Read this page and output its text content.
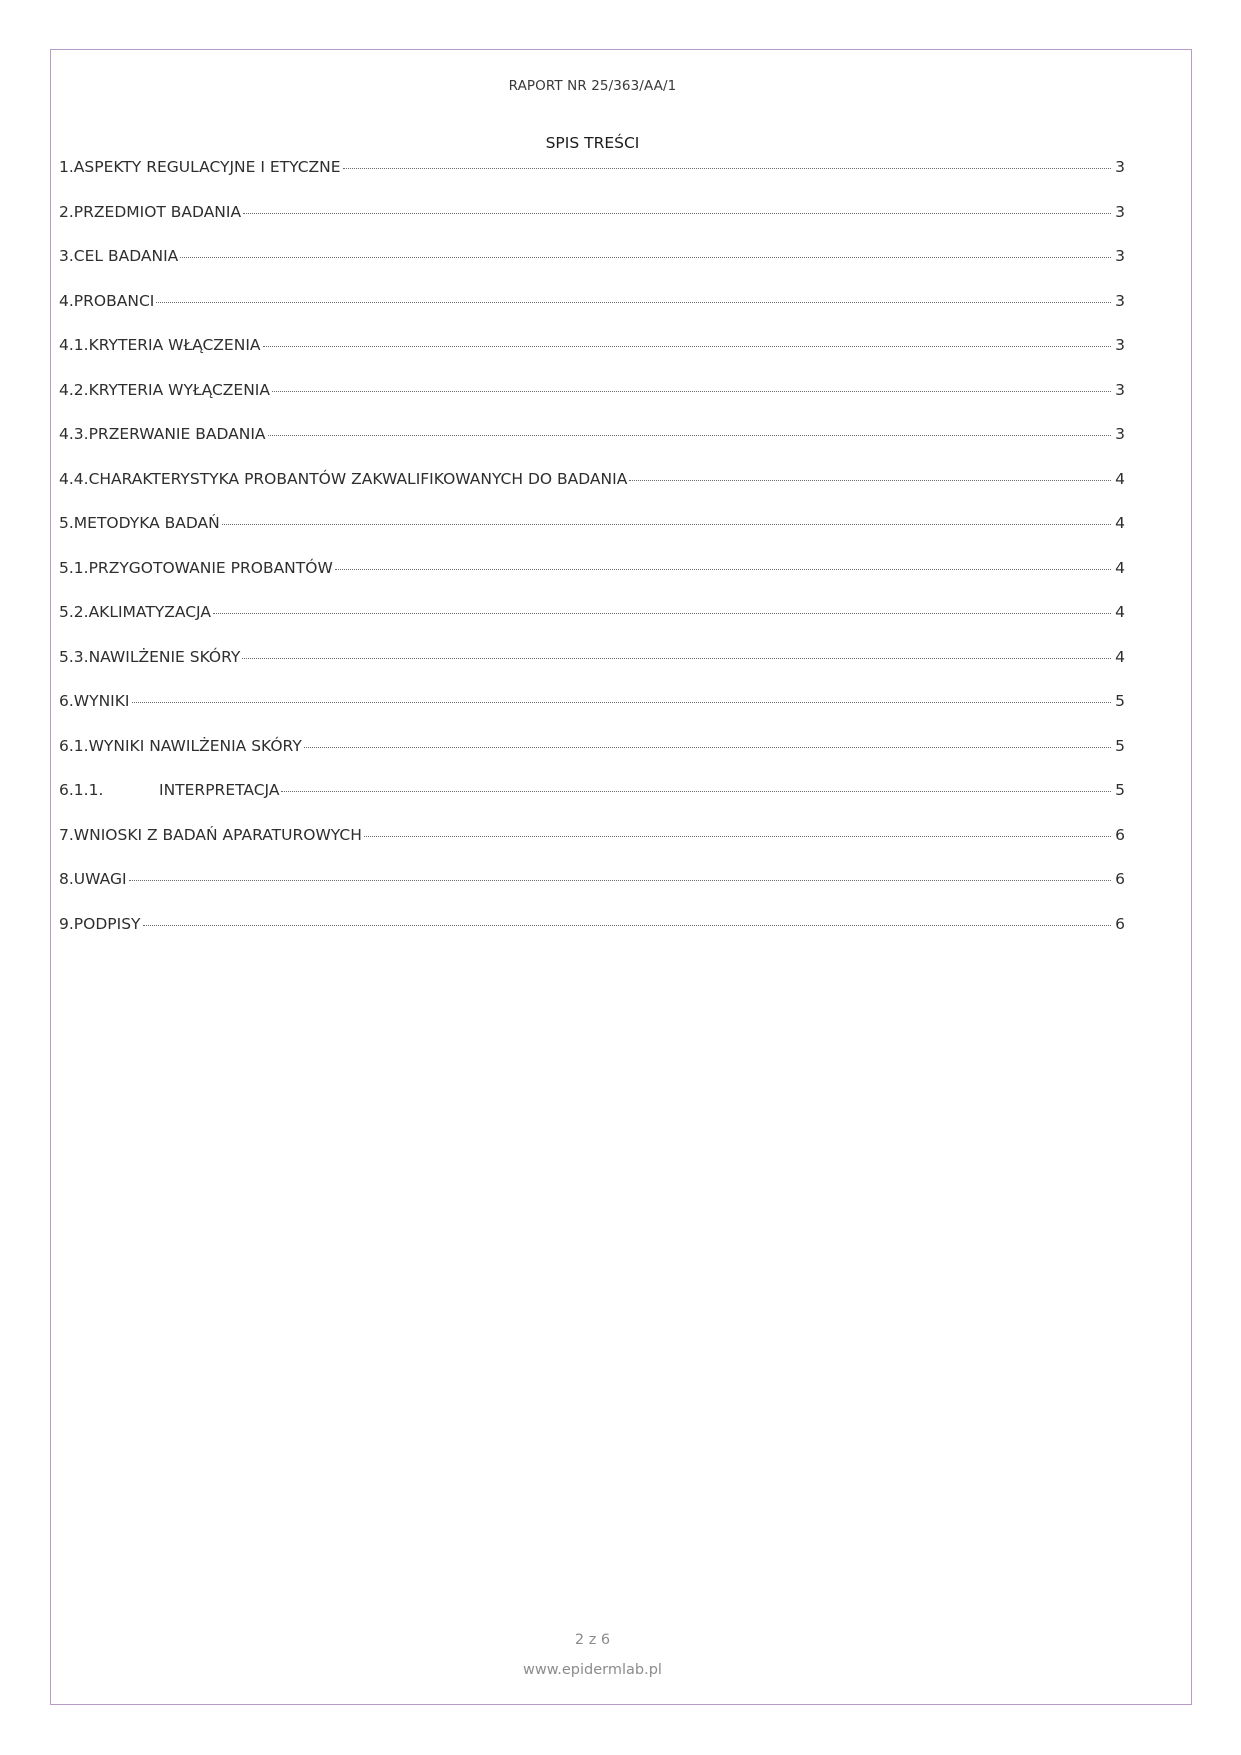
RAPORT NR 25/363/AA/1
SPIS TREŚCI
1. ASPEKTY REGULACYJNE I ETYCZNE	3
2. PRZEDMIOT BADANIA	3
3. CEL BADANIA	3
4. PROBANCI	3
4.1. KRYTERIA WŁĄCZENIA	3
4.2. KRYTERIA WYŁĄCZENIA	3
4.3. PRZERWANIE BADANIA	3
4.4. CHARAKTERYSTYKA PROBANTÓW ZAKWALIFIKOWANYCH DO BADANIA	4
5. METODYKA BADAŃ	4
5.1. PRZYGOTOWANIE PROBANTÓW	4
5.2. AKLIMATYZACJA	4
5.3. NAWILŻENIE SKÓRY	4
6. WYNIKI	5
6.1. WYNIKI NAWILŻENIA SKÓRY	5
6.1.1.	INTERPRETACJA	5
7. WNIOSKI Z BADAŃ APARATUROWYCH	6
8. UWAGI	6
9. PODPISY	6
2 z 6
www.epidermlab.pl
